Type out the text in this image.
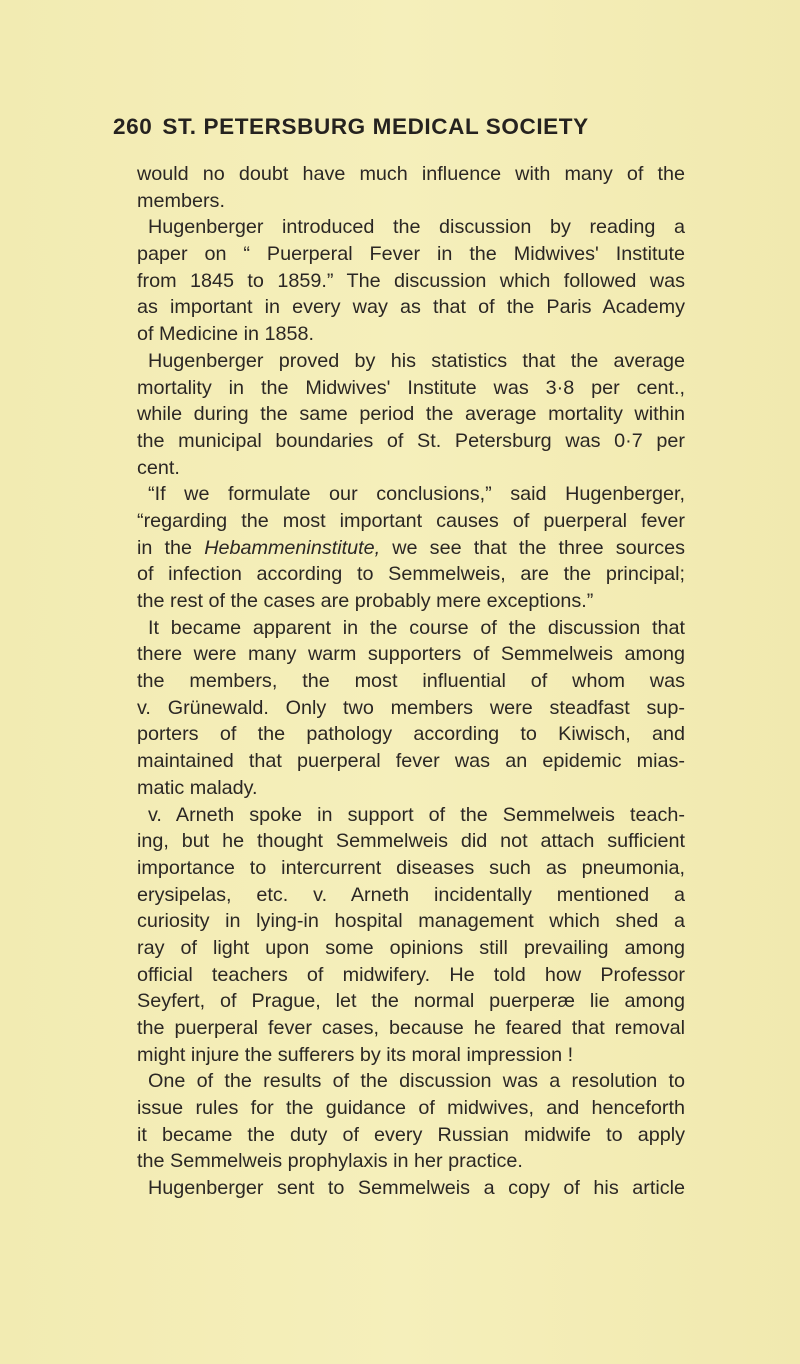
260 ST. PETERSBURG MEDICAL SOCIETY
would no doubt have much influence with many of the
members.
Hugenberger introduced the discussion by reading a
paper on “ Puerperal Fever in the Midwives' Institute
from 1845 to 1859.” The discussion which followed was
as important in every way as that of the Paris Academy
of Medicine in 1858.
Hugenberger proved by his statistics that the average
mortality in the Midwives' Institute was 3·8 per cent.,
while during the same period the average mortality within
the municipal boundaries of St. Petersburg was 0·7 per
cent.
“If we formulate our conclusions,” said Hugenberger,
“regarding the most important causes of puerperal fever
in the Hebammeninstitute, we see that the three sources
of infection according to Semmelweis, are the principal;
the rest of the cases are probably mere exceptions.”
It became apparent in the course of the discussion that
there were many warm supporters of Semmelweis among
the members, the most influential of whom was
v. Grünewald. Only two members were steadfast sup-
porters of the pathology according to Kiwisch, and
maintained that puerperal fever was an epidemic mias-
matic malady.
v. Arneth spoke in support of the Semmelweis teach-
ing, but he thought Semmelweis did not attach sufficient
importance to intercurrent diseases such as pneumonia,
erysipelas, etc. v. Arneth incidentally mentioned a
curiosity in lying-in hospital management which shed a
ray of light upon some opinions still prevailing among
official teachers of midwifery. He told how Professor
Seyfert, of Prague, let the normal puerperæ lie among
the puerperal fever cases, because he feared that removal
might injure the sufferers by its moral impression !
One of the results of the discussion was a resolution to
issue rules for the guidance of midwives, and henceforth
it became the duty of every Russian midwife to apply
the Semmelweis prophylaxis in her practice.
Hugenberger sent to Semmelweis a copy of his article
